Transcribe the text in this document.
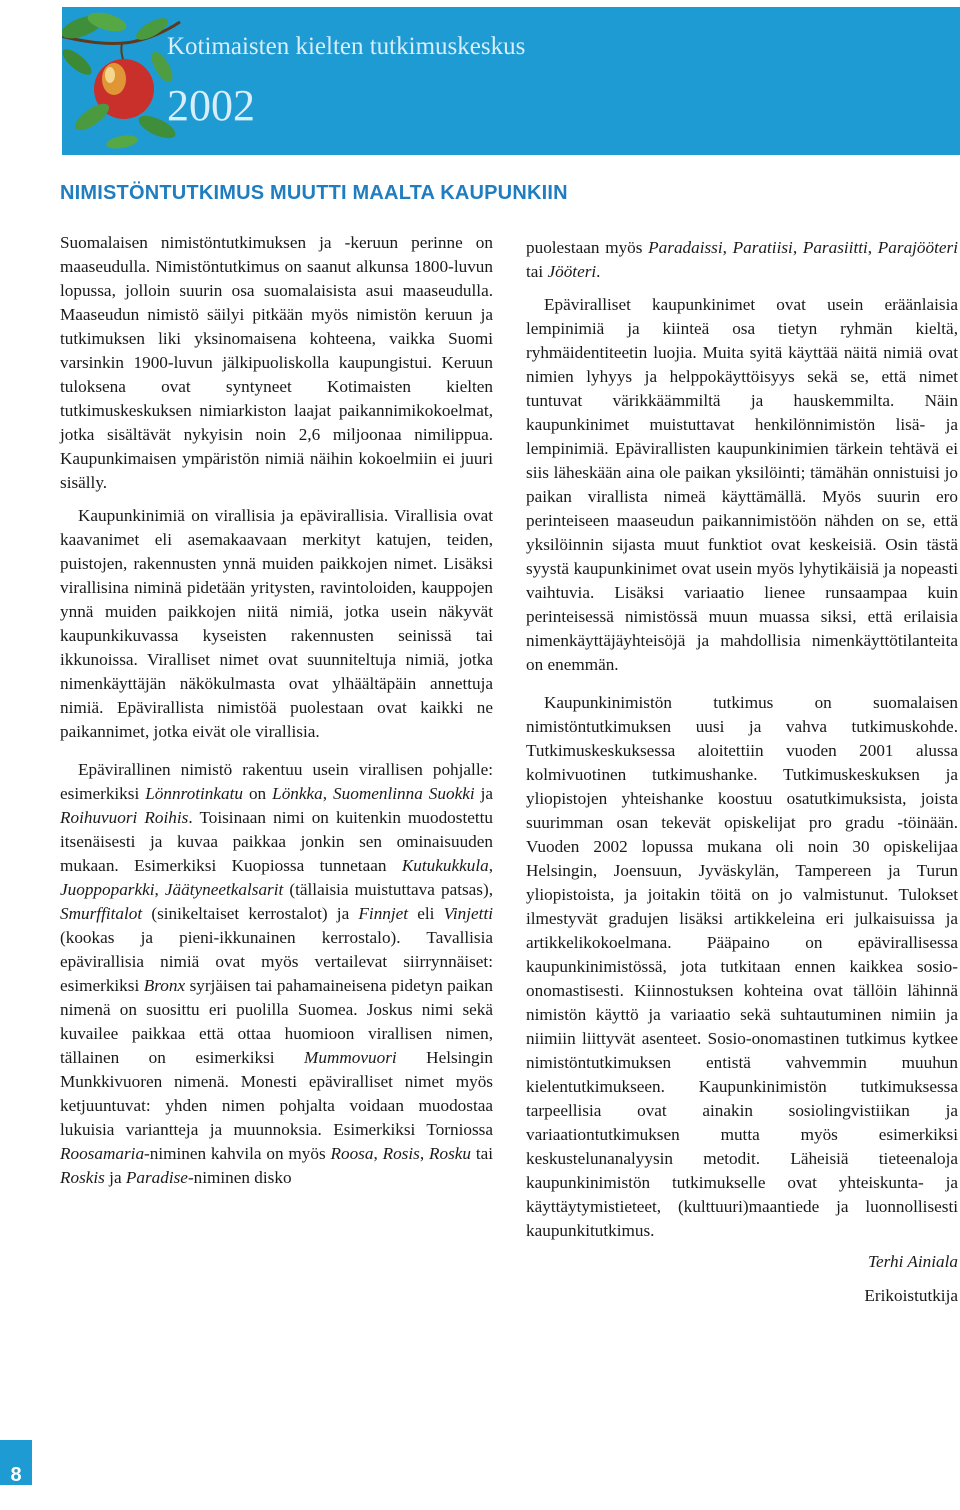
Kotimaisten kielten tutkimuskeskus
2002
NIMISTÖNTUTKIMUS MUUTTI MAALTA KAUPUNKIIN

Suomalaisen nimistöntutkimuksen ja -keruun perinne on maaseudulla. Nimistöntutkimus on saanut alkunsa 1800-luvun lopussa, jolloin suurin osa suomalaisista asui maaseudulla. Maaseudun nimistö säilyi pitkään myös nimistön keruun ja tutkimuksen liki yksinomaisena kohteena, vaikka Suomi varsinkin 1900-luvun jälkipuoliskolla kaupungistui. Keruun tuloksena ovat syntyneet Kotimaisten kielten tutkimuskeskuksen nimiarkiston laajat paikannimikokoelmat, jotka sisältävät nykyisin noin 2,6 miljoonaa nimilippua. Kaupunkimaisen ympäristön nimiä näihin kokoelmiin ei juuri sisälly.

Kaupunkinimiä on virallisia ja epävirallisia. Virallisia ovat kaavanimet eli asemakaavaan merkityt katujen, teiden, puistojen, rakennusten ynnä muiden paikkojen nimet. Lisäksi virallisina niminä pidetään yritysten, ravintoloiden, kauppojen ynnä muiden paikkojen niitä nimiä, jotka usein näkyvät kaupunkikuvassa kyseisten rakennusten seinissä tai ikkunoissa. Viralliset nimet ovat suunniteltuja nimiä, jotka nimenkäyttäjän näkökulmasta ovat ylhäältäpäin annettuja nimiä. Epävirallista nimistöä puolestaan ovat kaikki ne paikannimet, jotka eivät ole virallisia.

Epävirallinen nimistö rakentuu usein virallisen pohjalle: esimerkiksi Lönnrotinkatu on Lönkka, Suomenlinna Suokki ja Roihuvuori Roihis. Toisinaan nimi on kuitenkin muodostettu itsenäisesti ja kuvaa paikkaa jonkin sen ominaisuuden mukaan. Esimerkiksi Kuopiossa tunnetaan Kutukukkula, Juoppoparkki, Jäätyneetkalsarit (tällaisia muistuttava patsas), Smurffitalot (sinikeltaiset kerrostalot) ja Finnjet eli Vinjetti (kookas ja pieni-ikkunainen kerrostalo). Tavallisia epävirallisia nimiä ovat myös vertailevat siirrynnäiset: esimerkiksi Bronx syrjäisen tai pahamaineisena pidetyn paikan nimenä on suosittu eri puolilla Suomea. Joskus nimi sekä kuvailee paikkaa että ottaa huomioon virallisen nimen, tällainen on esimerkiksi Mummovuori Helsingin Munkkivuoren nimenä. Monesti epäviralliset nimet myös ketjuuntuvat: yhden nimen pohjalta voidaan muodostaa lukuisia variantteja ja muunnoksia. Esimerkiksi Torniossa Roosamaria-niminen kahvila on myös Roosa, Rosis, Rosku tai Roskis ja Paradise-niminen disko

puolestaan myös Paradaissi, Paratiisi, Parasiitti, Parajööteri tai Jööteri.

Epäviralliset kaupunkinimet ovat usein eräänlaisia lempinimiä ja kiinteä osa tietyn ryhmän kieltä, ryhmäidentiteetin luojia. Muita syitä käyttää näitä nimiä ovat nimien lyhyys ja helppokäyttöisyys sekä se, että nimet tuntuvat värikkäämmiltä ja hauskemmilta. Näin kaupunkinimet muistuttavat henkilönnimistön lisä- ja lempinimiä. Epävirallisten kaupunkinimien tärkein tehtävä ei siis läheskään aina ole paikan yksilöinti; tämähän onnistuisi jo paikan virallista nimeä käyttämällä. Myös suurin ero perinteiseen maaseudun paikannimistöön nähden on se, että yksilöinnin sijasta muut funktiot ovat keskeisiä. Osin tästä syystä kaupunkinimet ovat usein myös lyhytikäisiä ja nopeasti vaihtuvia. Lisäksi variaatio lienee runsaampaa kuin perinteisessä nimistössä muun muassa siksi, että erilaisia nimenkäyttäjäyhteisöjä ja mahdollisia nimenkäyttötilanteita on enemmän.

Kaupunkinimistön tutkimus on suomalaisen nimistöntutkimuksen uusi ja vahva tutkimuskohde. Tutkimuskeskuksessa aloitettiin vuoden 2001 alussa kolmivuotinen tutkimushanke. Tutkimuskeskuksen ja yliopistojen yhteishanke koostuu osatutkimuksista, joista suurimman osan tekevät opiskelijat pro gradu -töinään. Vuoden 2002 lopussa mukana oli noin 30 opiskelijaa Helsingin, Joensuun, Jyväskylän, Tampereen ja Turun yliopistoista, ja joitakin töitä on jo valmistunut. Tulokset ilmestyvät gradujen lisäksi artikkeleina eri julkaisuissa ja artikkelikokoelmana. Pääpaino on epävirallisessa kaupunkinimistössä, jota tutkitaan ennen kaikkea sosio-onomastisesti. Kiinnostuksen kohteina ovat tällöin lähinnä nimistön käyttö ja variaatio sekä suhtautuminen nimiin ja niimiin liittyvät asenteet. Sosio-onomastinen tutkimus kytkee nimistöntutkimuksen entistä vahvemmin muuhun kielentutkimukseen. Kaupunkinimistön tutkimuksessa tarpeellisia ovat ainakin sosiolingvistiikan ja variaationtutkimuksen mutta myös esimerkiksi keskustelunanalyysin metodit. Läheisiä tieteenaloja kaupunkinimistön tutkimukselle ovat yhteiskunta- ja käyttäytymistieteet, (kulttuuri)maantiede ja luonnollisesti kaupunkitutkimus.

Terhi Ainiala

Erikoistutkija

8
